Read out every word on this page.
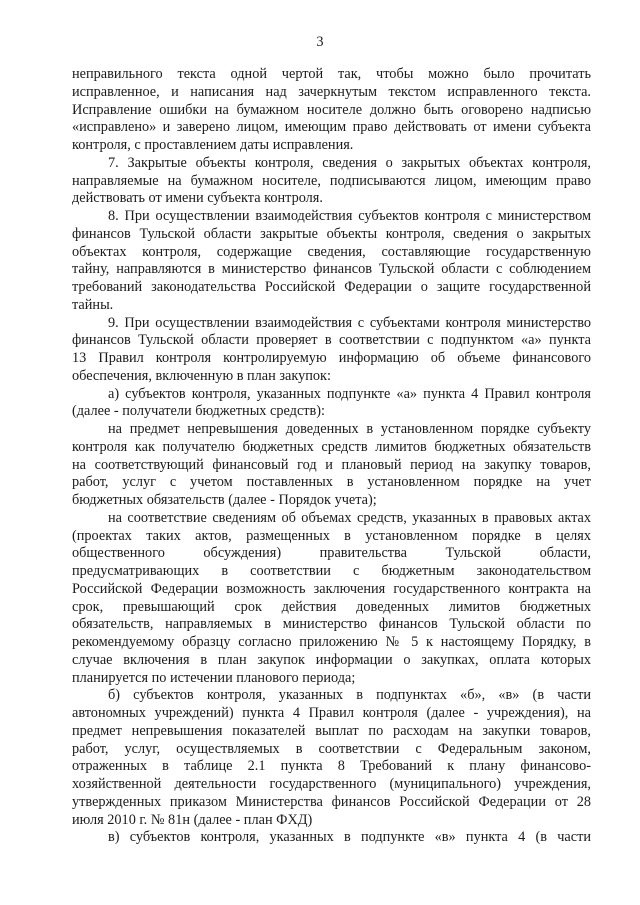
3
неправильного текста одной чертой так, чтобы можно было прочитать
исправленное, и написания над зачеркнутым текстом исправленного текста.
Исправление ошибки на бумажном носителе должно быть оговорено надписью
«исправлено» и заверено лицом, имеющим право действовать от имени субъекта
контроля, с проставлением даты исправления.
7. Закрытые объекты контроля, сведения о закрытых объектах контроля,
направляемые на бумажном носителе, подписываются лицом, имеющим право
действовать от имени субъекта контроля.
8. При осуществлении взаимодействия субъектов контроля с министерством
финансов Тульской области закрытые объекты контроля, сведения о закрытых
объектах контроля, содержащие сведения, составляющие государственную
тайну, направляются в министерство финансов Тульской области с соблюдением
требований законодательства Российской Федерации о защите государственной
тайны.
9. При осуществлении взаимодействия с субъектами контроля министерство
финансов Тульской области проверяет в соответствии с подпунктом «а» пункта
13 Правил контроля контролируемую информацию об объеме финансового
обеспечения, включенную в план закупок:
а) субъектов контроля, указанных подпункте «а» пункта 4 Правил контроля
(далее - получатели бюджетных средств):
на предмет непревышения доведенных в установленном порядке субъекту
контроля как получателю бюджетных средств лимитов бюджетных обязательств
на соответствующий финансовый год и плановый период на закупку товаров,
работ, услуг с учетом поставленных в установленном порядке на учет
бюджетных обязательств (далее - Порядок учета);
на соответствие сведениям об объемах средств, указанных в правовых актах
(проектах таких актов, размещенных в установленном порядке в целях
общественного обсуждения) правительства Тульской области,
предусматривающих в соответствии с бюджетным законодательством
Российской Федерации возможность заключения государственного контракта на
срок, превышающий срок действия доведенных лимитов бюджетных
обязательств, направляемых в министерство финансов Тульской области по
рекомендуемому образцу согласно приложению № 5 к настоящему Порядку, в
случае включения в план закупок информации о закупках, оплата которых
планируется по истечении планового периода;
б) субъектов контроля, указанных в подпунктах «б», «в» (в части
автономных учреждений) пункта 4 Правил контроля (далее - учреждения), на
предмет непревышения показателей выплат по расходам на закупки товаров,
работ, услуг, осуществляемых в соответствии с Федеральным законом,
отраженных в таблице 2.1 пункта 8 Требований к плану финансово-
хозяйственной деятельности государственного (муниципального) учреждения,
утвержденных приказом Министерства финансов Российской Федерации от 28
июля 2010 г. № 81н (далее - план ФХД)
в) субъектов контроля, указанных в подпункте «в» пункта 4 (в части
